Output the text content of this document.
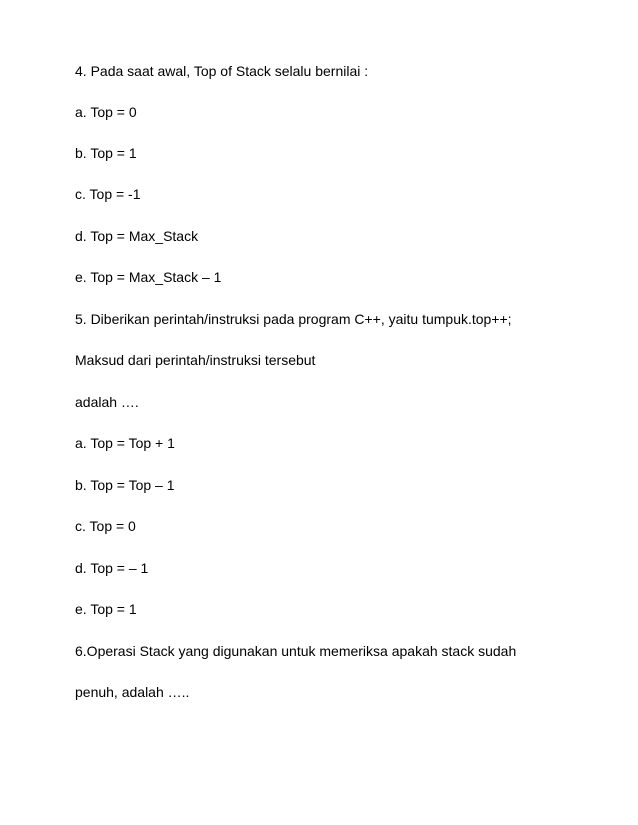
4. Pada saat awal, Top of Stack selalu bernilai :

a. Top = 0

b. Top = 1

c. Top = -1

d. Top = Max_Stack

e. Top = Max_Stack – 1

5. Diberikan perintah/instruksi pada program C++, yaitu tumpuk.top++;

Maksud dari perintah/instruksi tersebut

adalah ….

a. Top = Top + 1

b. Top = Top – 1

c. Top = 0

d. Top = – 1

e. Top = 1

6.Operasi Stack yang digunakan untuk memeriksa apakah stack sudah

penuh, adalah …..
